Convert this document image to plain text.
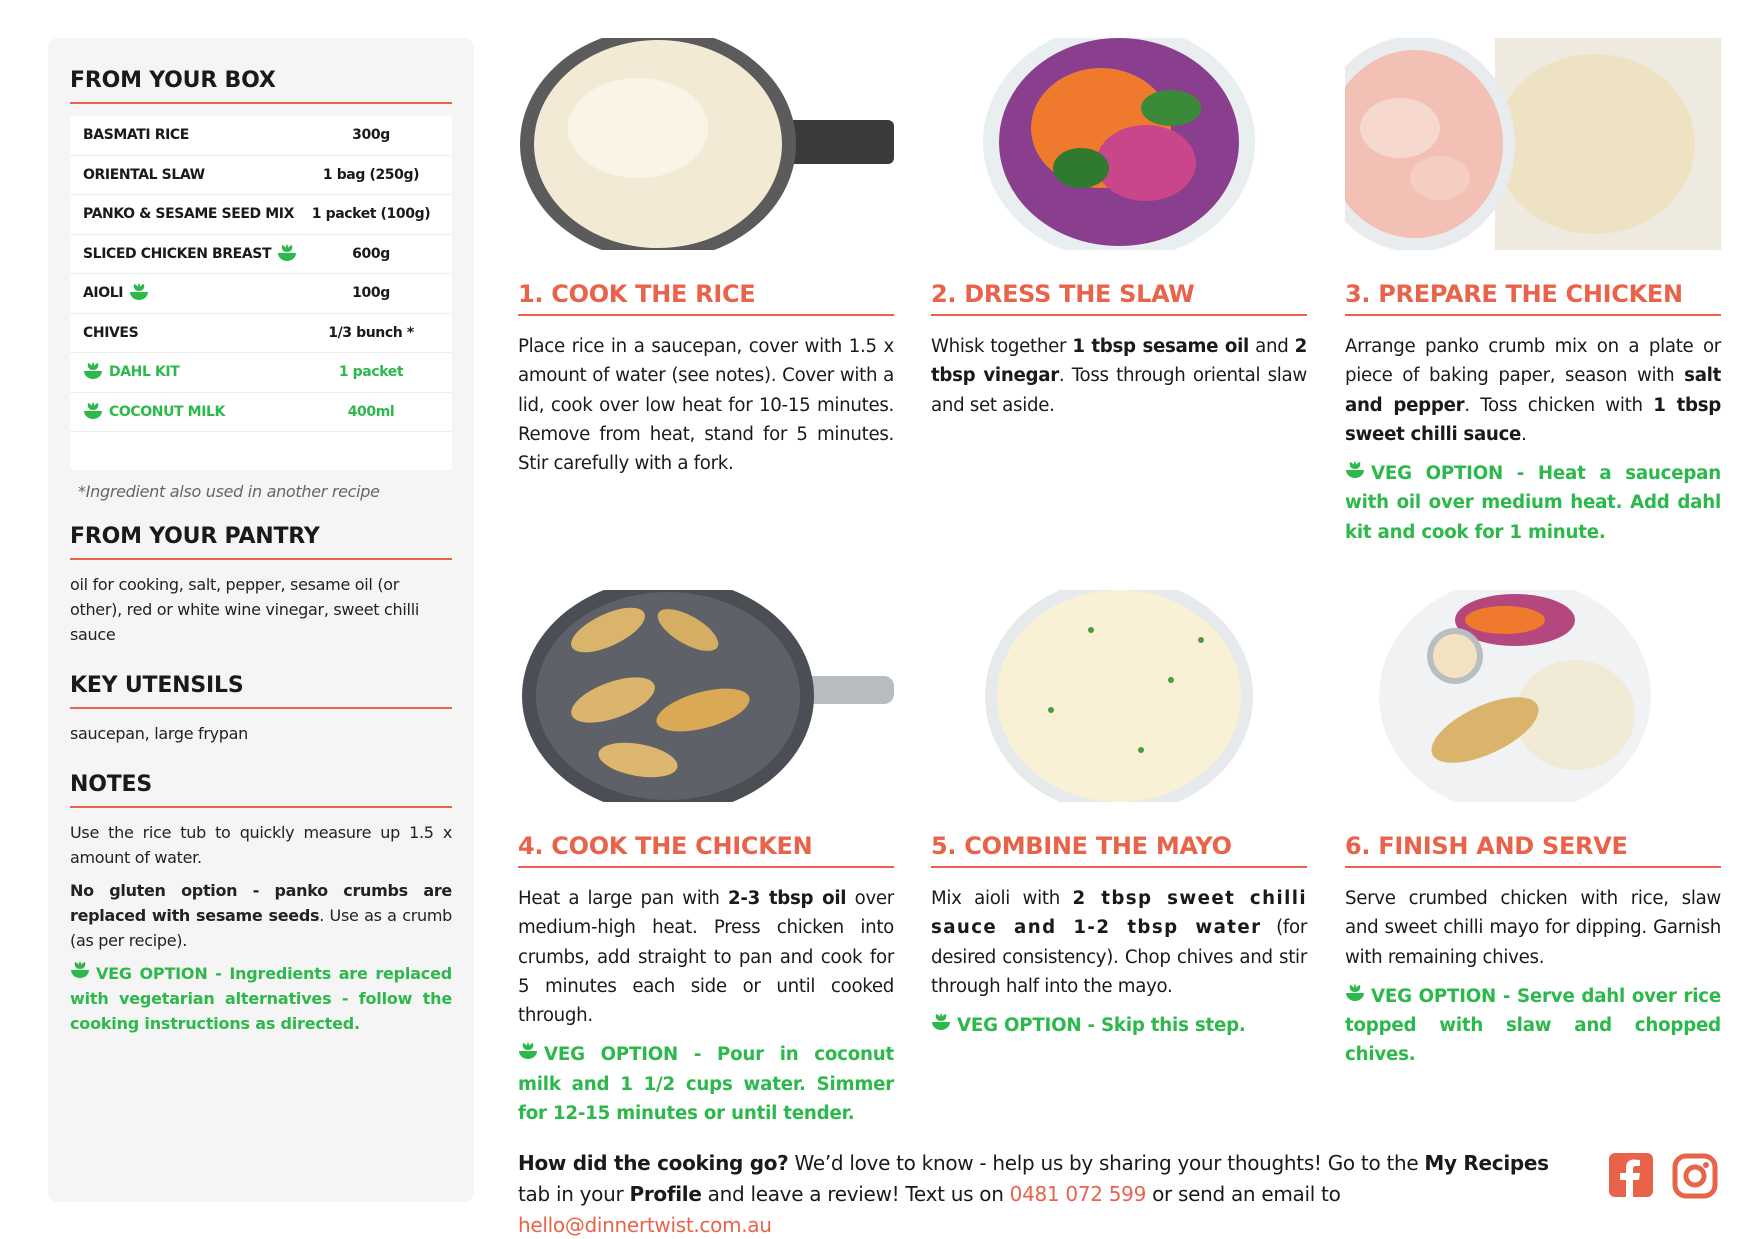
FROM YOUR BOX
BASMATI RICE	300g
ORIENTAL SLAW	1 bag (250g)
PANKO & SESAME SEED MIX	1 packet (100g)
SLICED CHICKEN BREAST	600g
AIOLI	100g
CHIVES	1/3 bunch *
DAHL KIT	1 packet
COCONUT MILK	400ml
*Ingredient also used in another recipe
FROM YOUR PANTRY
oil for cooking, salt, pepper, sesame oil (or other), red or white wine vinegar, sweet chilli sauce
KEY UTENSILS
saucepan, large frypan
NOTES
Use the rice tub to quickly measure up 1.5 x amount of water.
No gluten option - panko crumbs are replaced with sesame seeds. Use as a crumb (as per recipe).
VEG OPTION - Ingredients are replaced with vegetarian alternatives - follow the cooking instructions as directed.
1. COOK THE RICE
Place rice in a saucepan, cover with 1.5 x amount of water (see notes). Cover with a lid, cook over low heat for 10-15 minutes. Remove from heat, stand for 5 minutes. Stir carefully with a fork.
2. DRESS THE SLAW
Whisk together 1 tbsp sesame oil and 2 tbsp vinegar. Toss through oriental slaw and set aside.
3. PREPARE THE CHICKEN
Arrange panko crumb mix on a plate or piece of baking paper, season with salt and pepper. Toss chicken with 1 tbsp sweet chilli sauce.
VEG OPTION - Heat a saucepan with oil over medium heat. Add dahl kit and cook for 1 minute.
4. COOK THE CHICKEN
Heat a large pan with 2-3 tbsp oil over medium-high heat. Press chicken into crumbs, add straight to pan and cook for 5 minutes each side or until cooked through.
VEG OPTION - Pour in coconut milk and 1 1/2 cups water. Simmer for 12-15 minutes or until tender.
5. COMBINE THE MAYO
Mix aioli with 2 tbsp sweet chilli sauce and 1-2 tbsp water (for desired consistency). Chop chives and stir through half into the mayo.
VEG OPTION - Skip this step.
6. FINISH AND SERVE
Serve crumbed chicken with rice, slaw and sweet chilli mayo for dipping. Garnish with remaining chives.
VEG OPTION - Serve dahl over rice topped with slaw and chopped chives.
How did the cooking go? We’d love to know - help us by sharing your thoughts! Go to the My Recipes tab in your Profile and leave a review! Text us on 0481 072 599 or send an email to hello@dinnertwist.com.au
